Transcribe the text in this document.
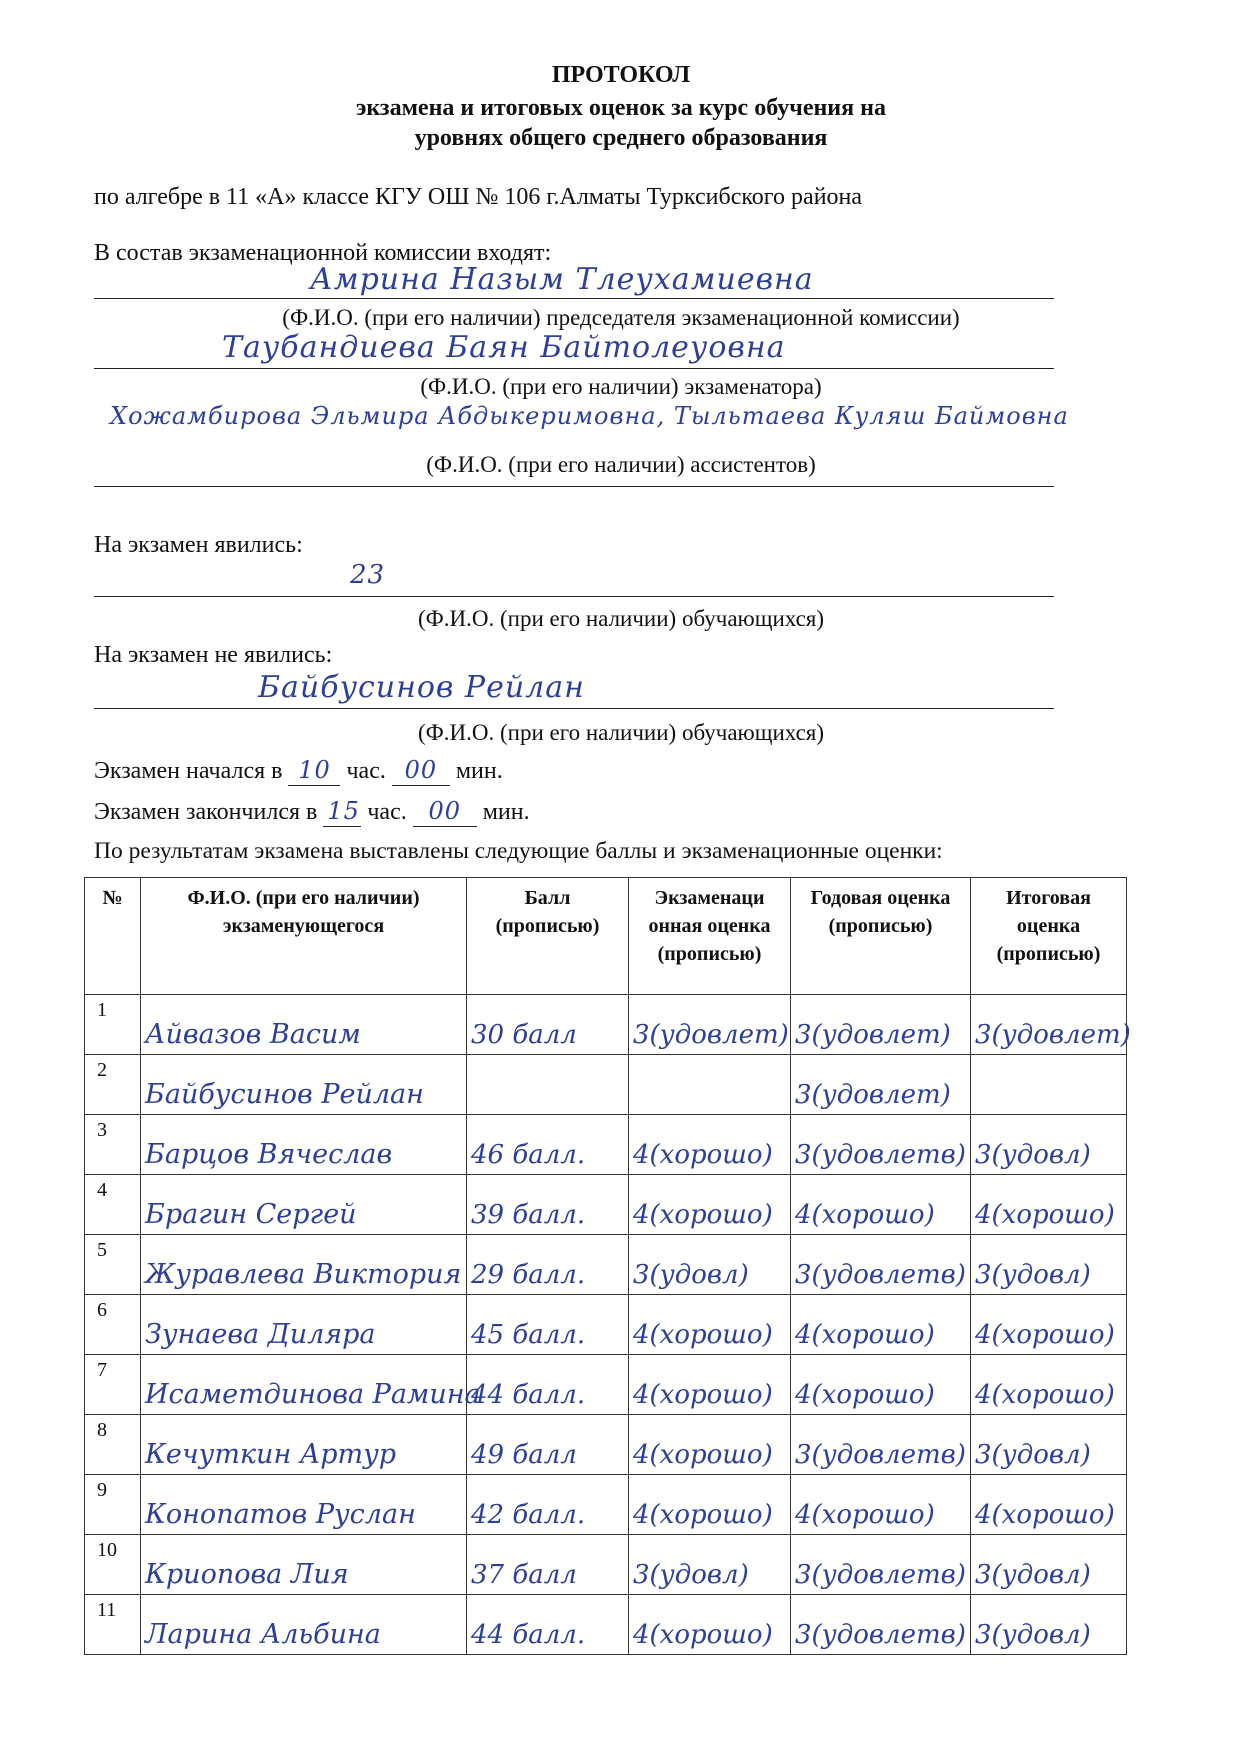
ПРОТОКОЛ
экзамена и итоговых оценок за курс обучения на
уровнях общего среднего образования
по алгебре в 11 «А» классе КГУ ОШ № 106 г.Алматы Турксибского района
В состав экзаменационной комиссии входят:
Амрина Назым Тлеухамиевна
(Ф.И.О. (при его наличии) председателя экзаменационной комиссии)
Таубандиева Баян Байтолеуовна
(Ф.И.О. (при его наличии) экзаменатора)
Хожамбирова Эльмира Абдыкеримовна, Тыльтаева Куляш Баймовна
(Ф.И.О. (при его наличии) ассистентов)
На экзамен явились:
23
(Ф.И.О. (при его наличии) обучающихся)
На экзамен не явились:
Байбусинов Рейлан
(Ф.И.О. (при его наличии) обучающихся)
Экзамен начался в 10 час. 00 мин.
Экзамен закончился в 15 час. 00 мин.
По результатам экзамена выставлены следующие баллы и экзаменационные оценки:
№	Ф.И.О. (при его наличии) экзаменующегося	Балл (прописью)	Экзаменаци онная оценка (прописью)	Годовая оценка (прописью)	Итоговая оценка (прописью)

1	Айвазов Васим	30 балл	3(удовлет)	3(удовлет)	3(удовлет)

2	Байбусинов Рейлан			3(удовлет)	

3	Барцов Вячеслав	46 балл.	4(хорошо)	3(удовлетв)	3(удовл)

4	Брагин Сергей	39 балл.	4(хорошо)	4(хорошо)	4(хорошо)

5	Журавлева Виктория	29 балл.	3(удовл)	3(удовлетв)	3(удовл)

6	Зунаева Диляра	45 балл.	4(хорошо)	4(хорошо)	4(хорошо)

7	Исаметдинова Рамина	44 балл.	4(хорошо)	4(хорошо)	4(хорошо)

8	Кечуткин Артур	49 балл	4(хорошо)	3(удовлетв)	3(удовл)

9	Конопатов Руслан	42 балл.	4(хорошо)	4(хорошо)	4(хорошо)

10	Криопова Лия	37 балл	3(удовл)	3(удовлетв)	3(удовл)

11	Ларина Альбина	44 балл.	4(хорошо)	3(удовлетв)	3(удовл)
